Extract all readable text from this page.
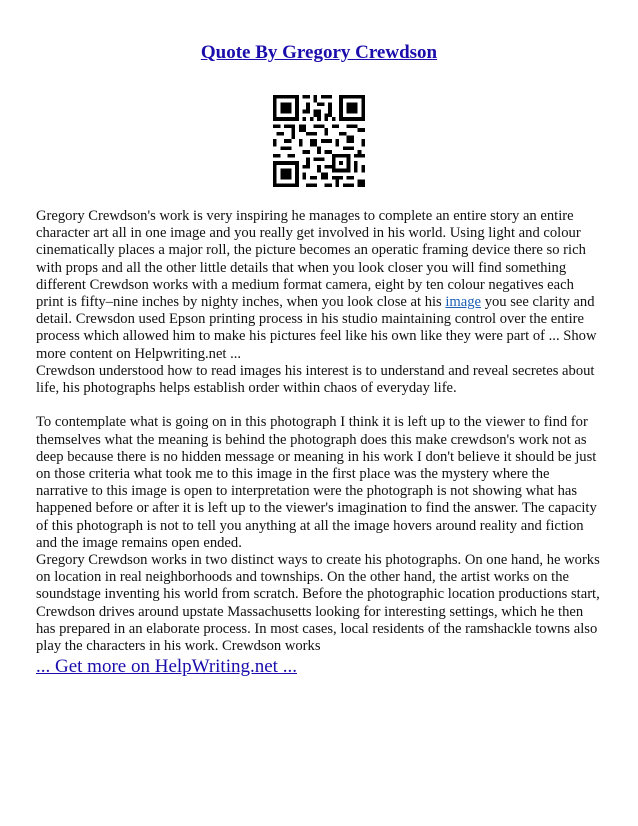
Quote By Gregory Crewdson

Gregory Crewdson's work is very inspiring he manages to complete an entire story an entire character art all in one image and you really get involved in his world. Using light and colour cinematically places a major roll, the picture becomes an operatic framing device there so rich with props and all the other little details that when you look closer you will find something different Crewdson works with a medium format camera, eight by ten colour negatives each print is fifty–nine inches by nighty inches, when you look close at his image you see clarity and detail. Crewsdon used Epson printing process in his studio maintaining control over the entire process which allowed him to make his pictures feel like his own like they were part of ... Show more content on Helpwriting.net ...

Crewdson understood how to read images his interest is to understand and reveal secretes about life, his photographs helps establish order within chaos of everyday life.

To contemplate what is going on in this photograph I think it is left up to the viewer to find for themselves what the meaning is behind the photograph does this make crewdson's work not as deep because there is no hidden message or meaning in his work I don't believe it should be just on those criteria what took me to this image in the first place was the mystery where the narrative to this image is open to interpretation were the photograph is not showing what has happened before or after it is left up to the viewer's imagination to find the answer. The capacity of this photograph is not to tell you anything at all the image hovers around reality and fiction and the image remains open ended.

Gregory Crewdson works in two distinct ways to create his photographs. On one hand, he works on location in real neighborhoods and townships. On the other hand, the artist works on the soundstage inventing his world from scratch. Before the photographic location productions start, Crewdson drives around upstate Massachusetts looking for interesting settings, which he then has prepared in an elaborate process. In most cases, local residents of the ramshackle towns also play the characters in his work. Crewdson works

... Get more on HelpWriting.net ...
